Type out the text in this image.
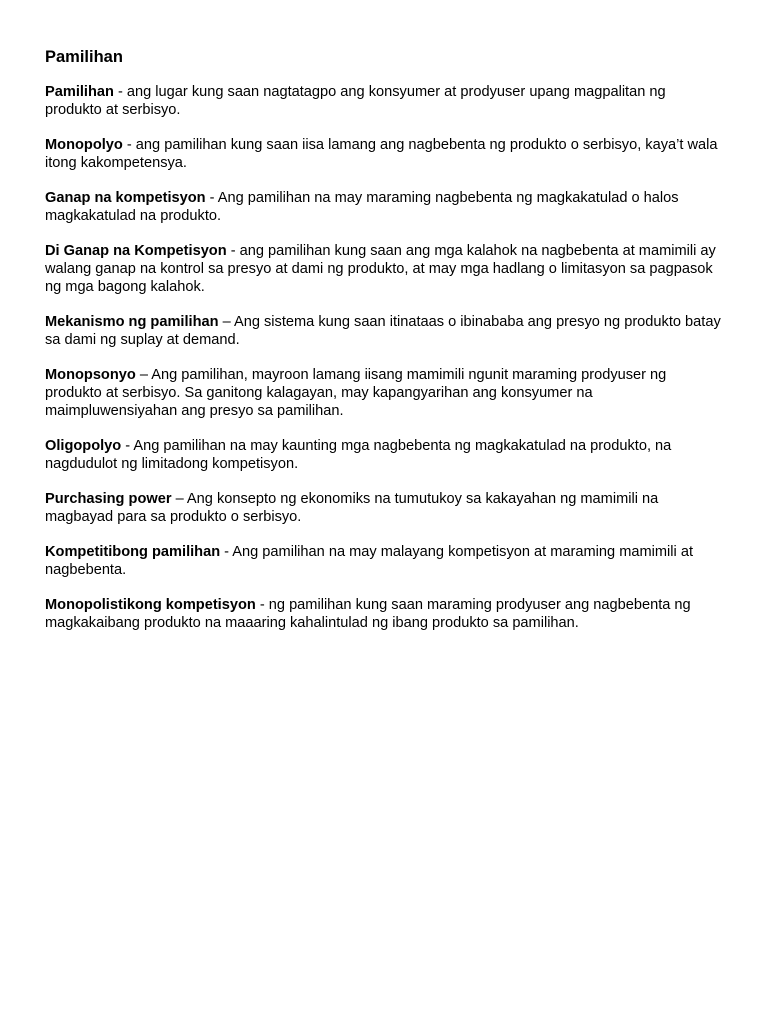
Pamilihan

Pamilihan - ang lugar kung saan nagtatagpo ang konsyumer at prodyuser upang magpalitan ng produkto at serbisyo.

Monopolyo - ang pamilihan kung saan iisa lamang ang nagbebenta ng produkto o serbisyo, kaya’t wala itong kakompetensya.

Ganap na kompetisyon - Ang pamilihan na may maraming nagbebenta ng magkakatulad o halos magkakatulad na produkto.

Di Ganap na Kompetisyon - ang pamilihan kung saan ang mga kalahok na nagbebenta at mamimili ay walang ganap na kontrol sa presyo at dami ng produkto, at may mga hadlang o limitasyon sa pagpasok ng mga bagong kalahok.

Mekanismo ng pamilihan – Ang sistema kung saan itinataas o ibinababa ang presyo ng produkto batay sa dami ng suplay at demand.

Monopsonyo – Ang pamilihan, mayroon lamang iisang mamimili ngunit maraming prodyuser ng produkto at serbisyo. Sa ganitong kalagayan, may kapangyarihan ang konsyumer na maimpluwensiyahan ang presyo sa pamilihan.

Oligopolyo - Ang pamilihan na may kaunting mga nagbebenta ng magkakatulad na produkto, na nagdudulot ng limitadong kompetisyon.

Purchasing power – Ang konsepto ng ekonomiks na tumutukoy sa kakayahan ng mamimili na magbayad para sa produkto o serbisyo.

Kompetitibong pamilihan - Ang pamilihan na may malayang kompetisyon at maraming mamimili at nagbebenta.

Monopolistikong kompetisyon - ng pamilihan kung saan maraming prodyuser ang nagbebenta ng magkakaibang produkto na maaaring kahalintulad ng ibang produkto sa pamilihan.
